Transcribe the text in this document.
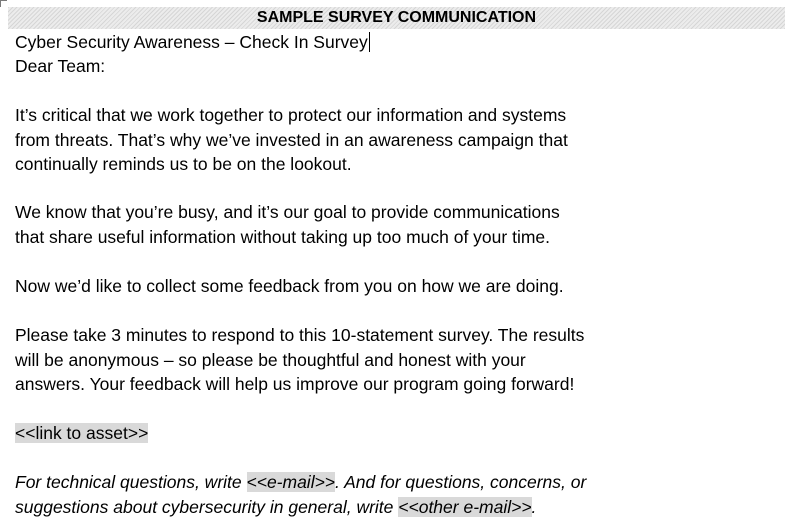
SAMPLE SURVEY COMMUNICATION
Cyber Security Awareness – Check In Survey
Dear Team:
It’s critical that we work together to protect our information and systems
from threats. That’s why we’ve invested in an awareness campaign that
continually reminds us to be on the lookout.
We know that you’re busy, and it’s our goal to provide communications
that share useful information without taking up too much of your time.
Now we’d like to collect some feedback from you on how we are doing.
Please take 3 minutes to respond to this 10-statement survey. The results
will be anonymous – so please be thoughtful and honest with your
answers. Your feedback will help us improve our program going forward!
<<link to asset>>
For technical questions, write <<e-mail>>. And for questions, concerns, or
suggestions about cybersecurity in general, write <<other e-mail>>.
